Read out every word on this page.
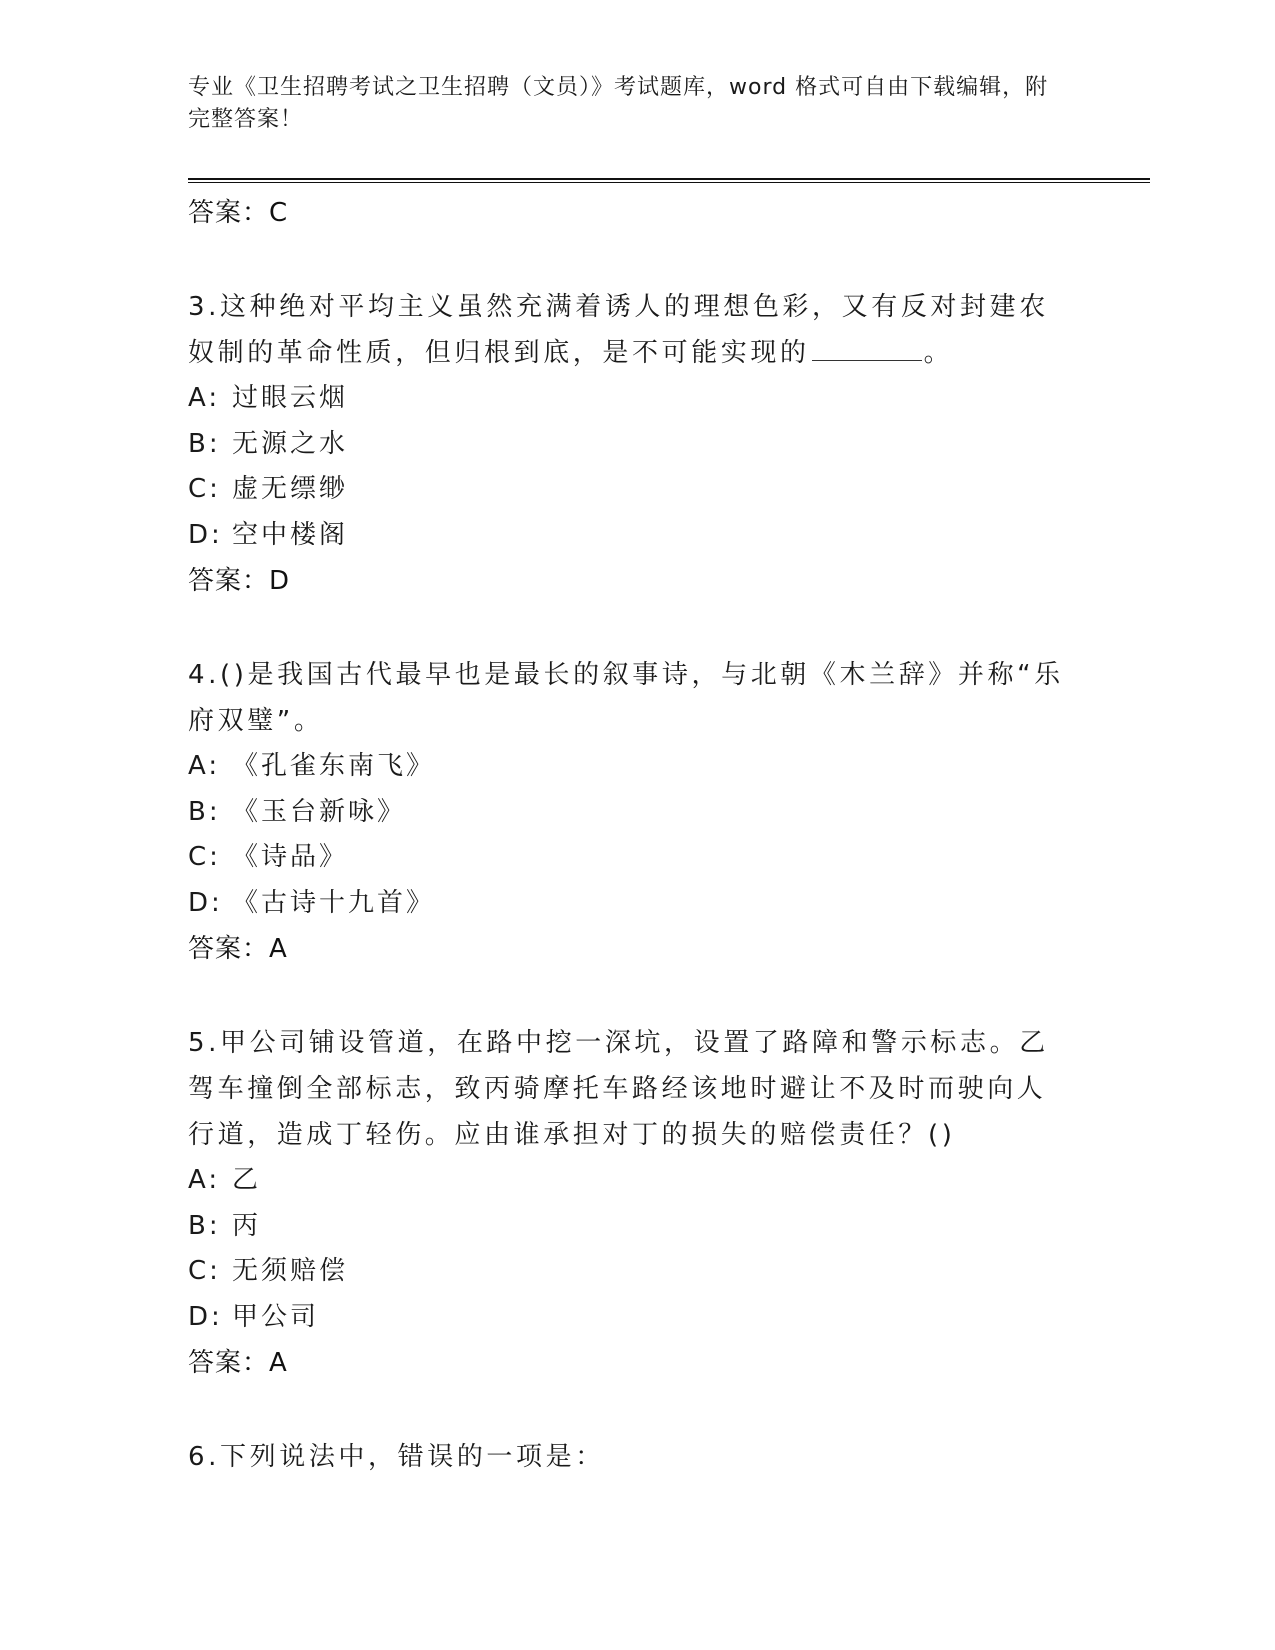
专业《卫生招聘考试之卫生招聘（文员）》考试题库，word 格式可自由下载编辑，附完整答案！
答案：C
3.这种绝对平均主义虽然充满着诱人的理想色彩，又有反对封建农奴制的革命性质，但归根到底，是不可能实现的	。
A: 过眼云烟
B: 无源之水
C: 虚无缥缈
D: 空中楼阁
答案：D
4.()是我国古代最早也是最长的叙事诗，与北朝《木兰辞》并称“乐府双璧”。
A: 《孔雀东南飞》
B: 《玉台新咏》
C: 《诗品》
D: 《古诗十九首》
答案：A
5.甲公司铺设管道，在路中挖一深坑，设置了路障和警示标志。乙驾车撞倒全部标志，致丙骑摩托车路经该地时避让不及时而驶向人行道，造成丁轻伤。应由谁承担对丁的损失的赔偿责任？()
A: 乙
B: 丙
C: 无须赔偿
D: 甲公司
答案：A
6.下列说法中，错误的一项是：
